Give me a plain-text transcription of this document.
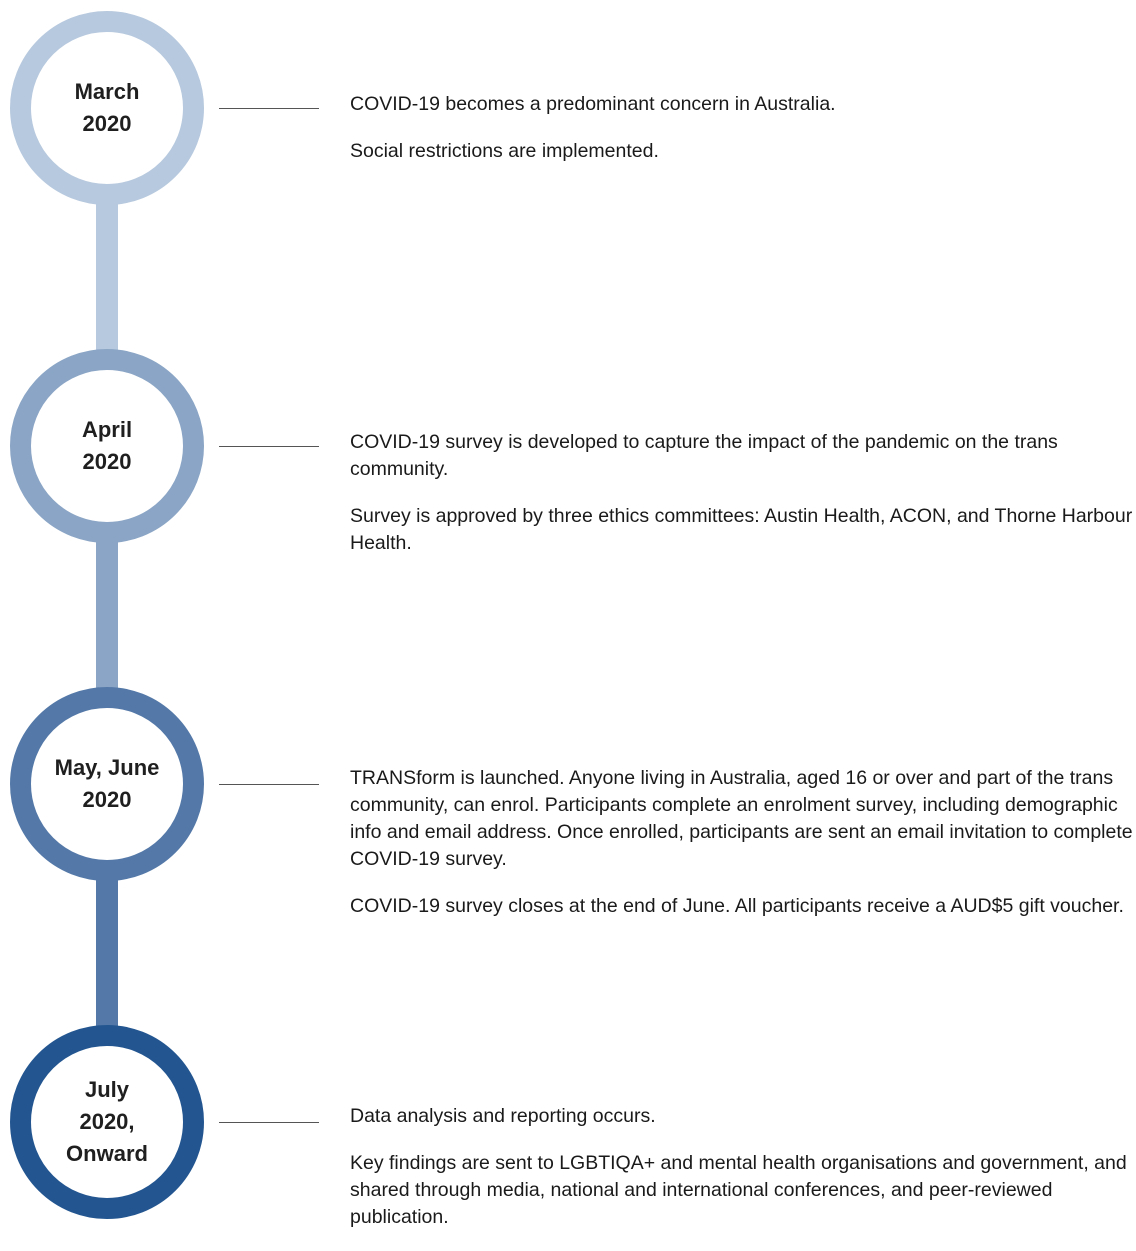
March
2020

COVID-19 becomes a predominant concern in Australia.

Social restrictions are implemented.

April
2020

COVID-19 survey is developed to capture the impact of the pandemic on the trans community.

Survey is approved by three ethics committees: Austin Health, ACON, and Thorne Harbour Health.

May, June
2020

TRANSform is launched. Anyone living in Australia, aged 16 or over and part of the trans community, can enrol. Participants complete an enrolment survey, including demographic info and email address. Once enrolled, participants are sent an email invitation to complete COVID-19 survey.

COVID-19 survey closes at the end of June. All participants receive a AUD$5 gift voucher.

July
2020,
Onward

Data analysis and reporting occurs.

Key findings are sent to LGBTIQA+ and mental health organisations and government, and shared through media, national and international conferences, and peer-reviewed publication.
